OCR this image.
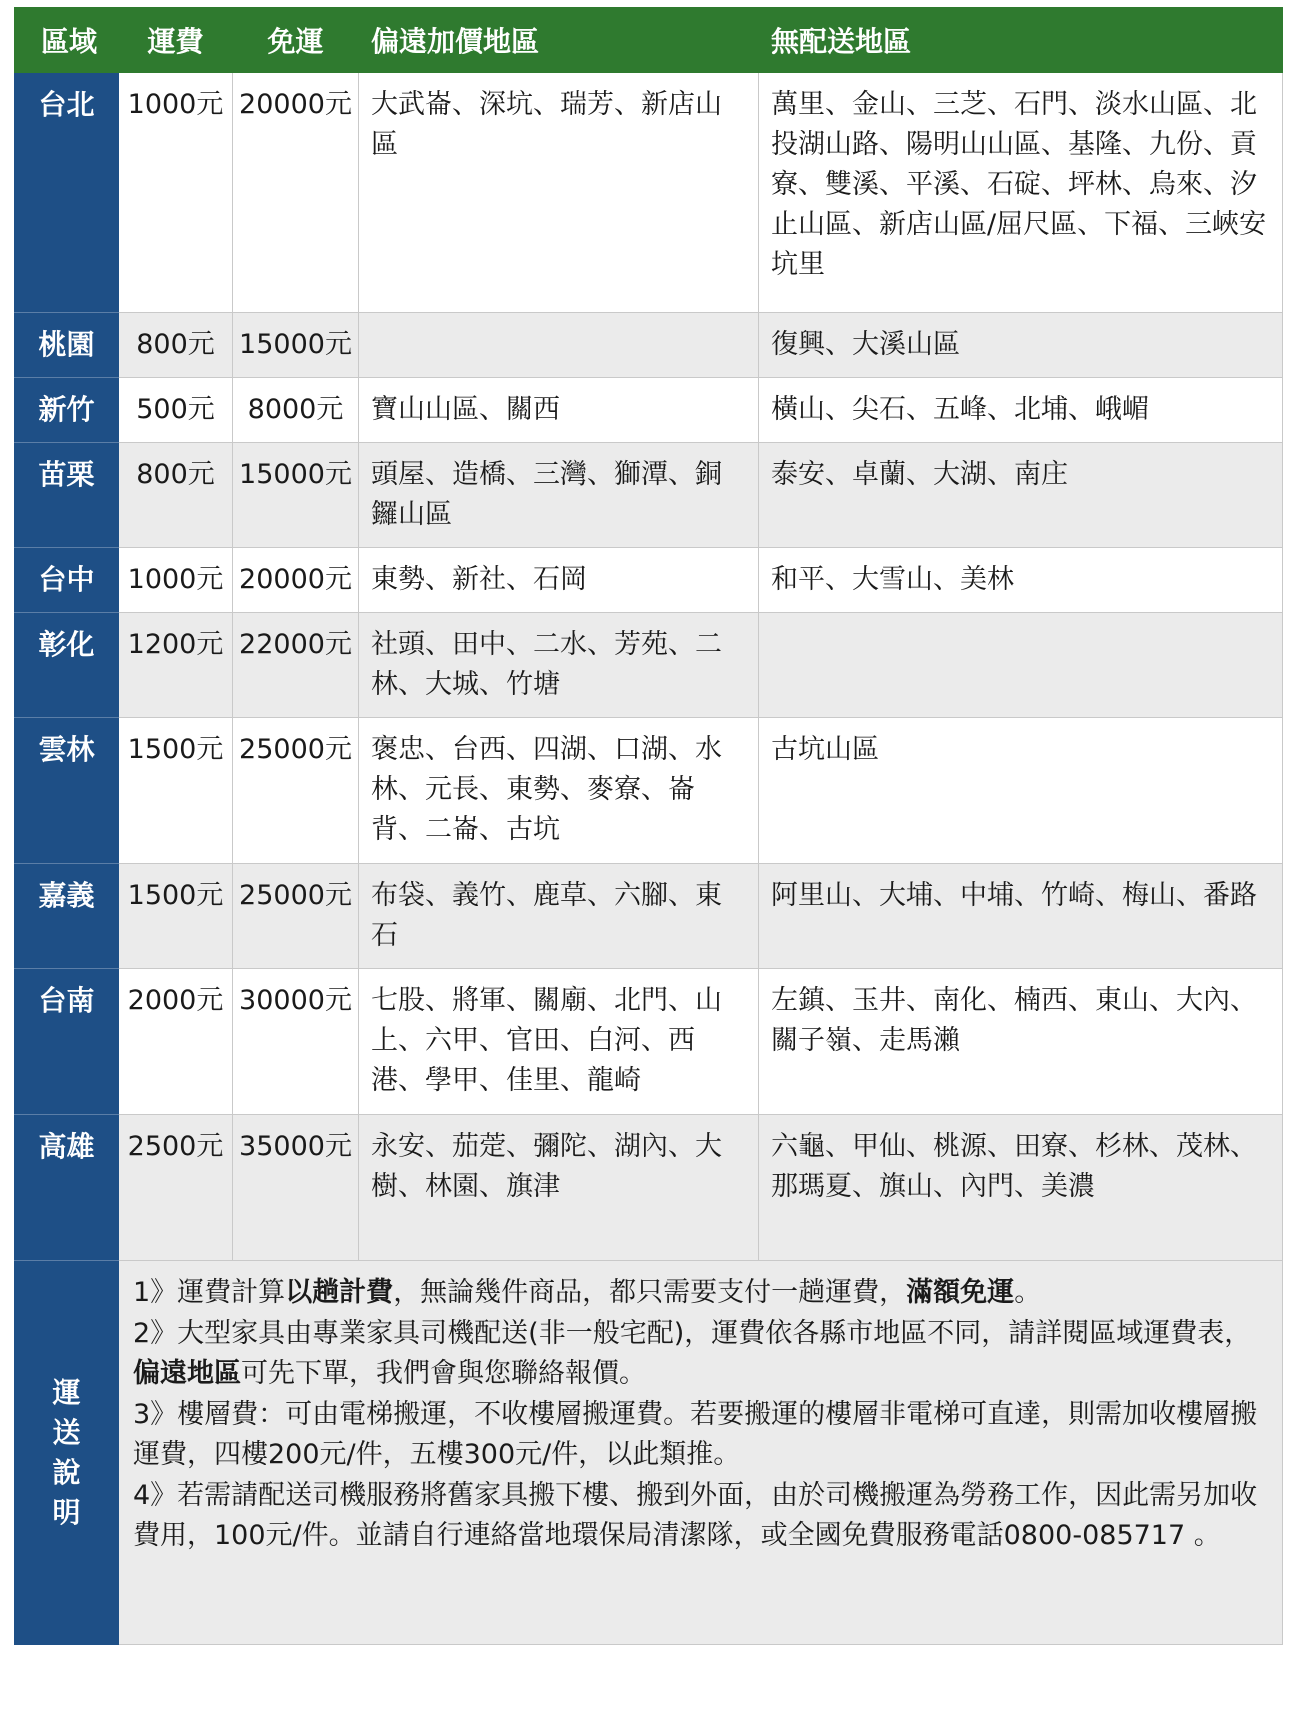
區域	運費	免運	偏遠加價地區	無配送地區
台北	1000元	20000元	大武崙、深坑、瑞芳、新店山區	萬里、金山、三芝、石門、淡水山區、北投湖山路、陽明山山區、基隆、九份、貢寮、雙溪、平溪、石碇、坪林、烏來、汐止山區、新店山區/屈尺區、下福、三峽安坑里
桃園	800元	15000元		復興、大溪山區
新竹	500元	8000元	寶山山區、關西	橫山、尖石、五峰、北埔、峨嵋
苗栗	800元	15000元	頭屋、造橋、三灣、獅潭、銅鑼山區	泰安、卓蘭、大湖、南庄
台中	1000元	20000元	東勢、新社、石岡	和平、大雪山、美林
彰化	1200元	22000元	社頭、田中、二水、芳苑、二林、大城、竹塘	
雲林	1500元	25000元	褒忠、台西、四湖、口湖、水林、元長、東勢、麥寮、崙背、二崙、古坑	古坑山區
嘉義	1500元	25000元	布袋、義竹、鹿草、六腳、東石	阿里山、大埔、中埔、竹崎、梅山、番路
台南	2000元	30000元	七股、將軍、關廟、北門、山上、六甲、官田、白河、西港、學甲、佳里、龍崎	左鎮、玉井、南化、楠西、東山、大內、關子嶺、走馬瀨
高雄	2500元	35000元	永安、茄萣、彌陀、湖內、大樹、林園、旗津	六龜、甲仙、桃源、田寮、杉林、茂林、那瑪夏、旗山、內門、美濃
運送說明	1》運費計算以趟計費，無論幾件商品，都只需要支付一趟運費，滿額免運。

2》大型家具由專業家具司機配送(非一般宅配)，運費依各縣市地區不同，請詳閱區域運費表，偏遠地區可先下單，我們會與您聯絡報價。

3》樓層費：可由電梯搬運，不收樓層搬運費。若要搬運的樓層非電梯可直達，則需加收樓層搬運費，四樓200元/件，五樓300元/件，以此類推。

4》若需請配送司機服務將舊家具搬下樓、搬到外面，由於司機搬運為勞務工作，因此需另加收費用，100元/件。並請自行連絡當地環保局清潔隊，或全國免費服務電話0800-085717 。			
